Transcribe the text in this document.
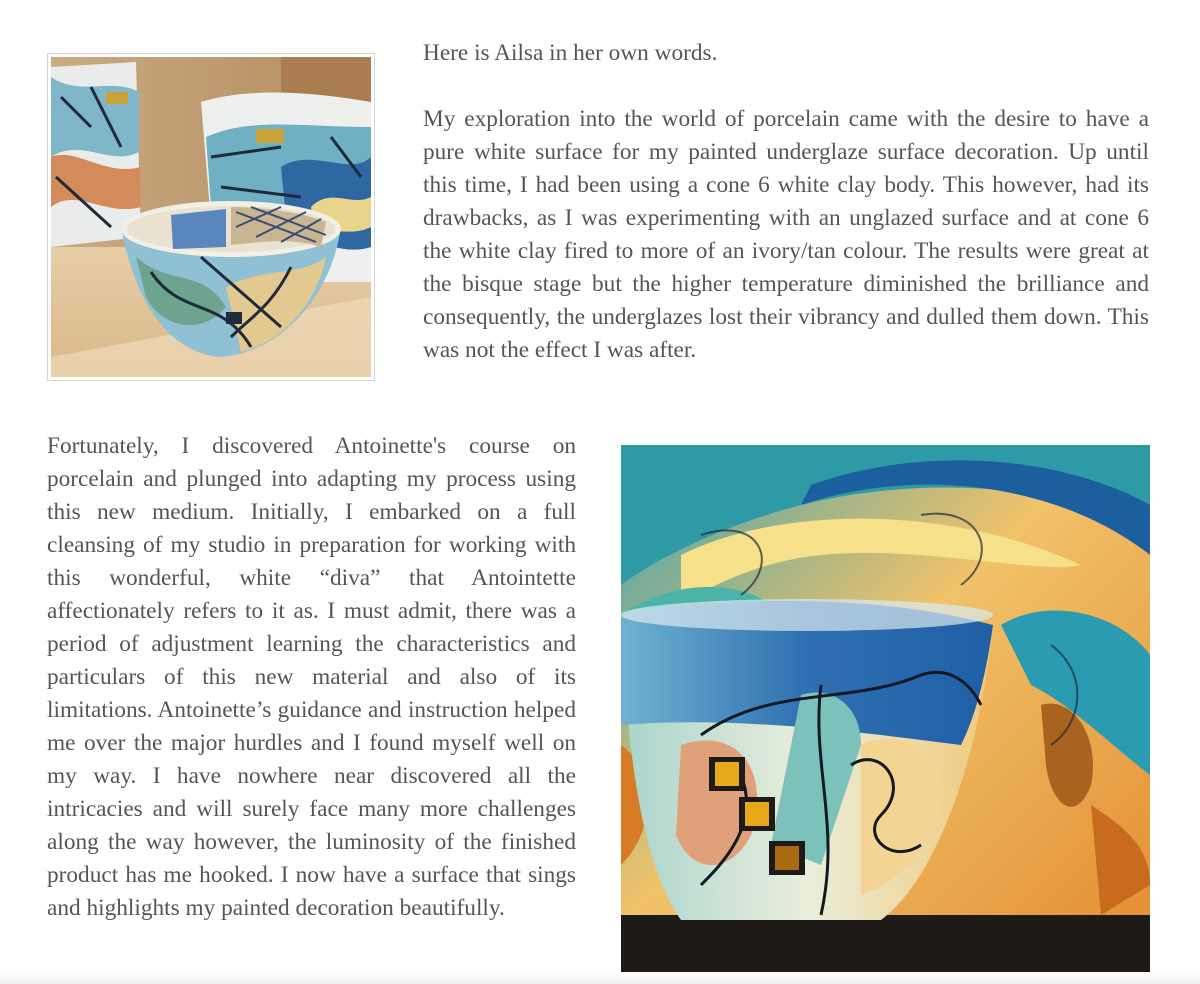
Here is Ailsa in her own words.

My exploration into the world of porcelain came with the desire to have a pure white surface for my painted underglaze surface decoration. Up until this time, I had been using a cone 6 white clay body. This however, had its drawbacks, as I was experimenting with an unglazed surface and at cone 6 the white clay fired to more of an ivory/tan colour. The results were great at the bisque stage but the higher temperature diminished the brilliance and consequently, the underglazes lost their vibrancy and dulled them down. This was not the effect I was after.

Fortunately, I discovered Antoinette's course on porcelain and plunged into adapting my process using this new medium. Initially, I embarked on a full cleansing of my studio in preparation for working with this wonderful, white “diva” that Antointette affectionately refers to it as. I must admit, there was a period of adjustment learning the characteristics and particulars of this new material and also of its limitations. Antoinette’s guidance and instruction helped me over the major hurdles and I found myself well on my way. I have nowhere near discovered all the intricacies and will surely face many more challenges along the way however, the luminosity of the finished product has me hooked. I now have a surface that sings and highlights my painted decoration beautifully.
